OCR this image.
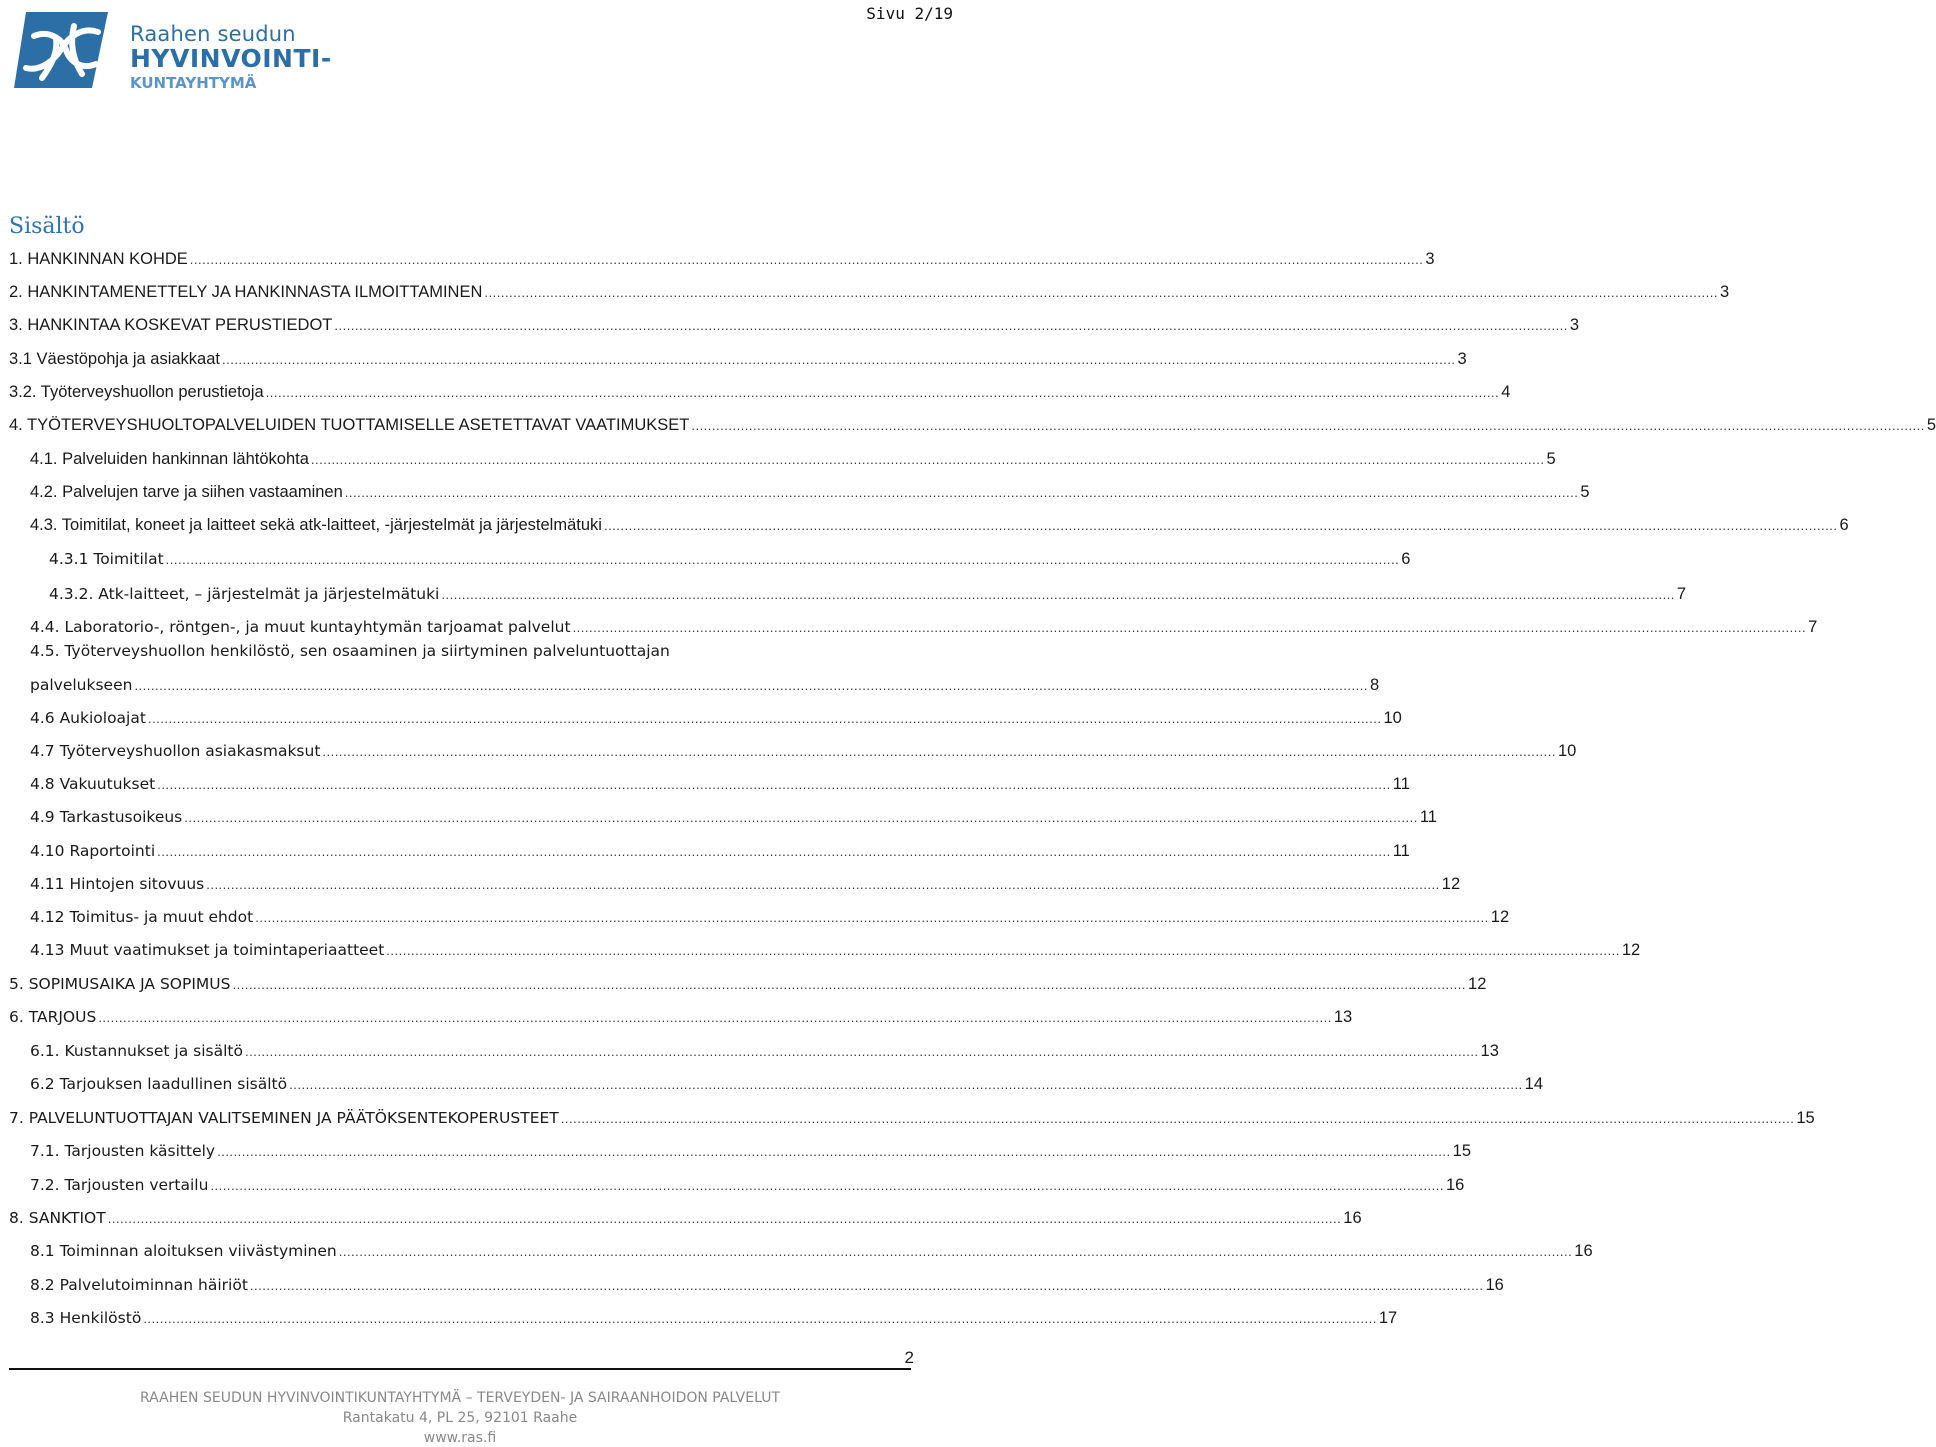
Raahen seudun
HYVINVOINTI-
KUNTAYHTYMÄ
Sivu 2/19
Sisältö
1. HANKINNAN KOHDE ............................................................................................................................................................................................................................................................................................................ 3
2. HANKINTAMENETTELY JA HANKINNASTA ILMOITTAMINEN ............................................................................................................................................................................................................................................................................................................ 3
3. HANKINTAA KOSKEVAT PERUSTIEDOT ............................................................................................................................................................................................................................................................................................................ 3
3.1 Väestöpohja ja asiakkaat ............................................................................................................................................................................................................................................................................................................ 3
3.2. Työterveyshuollon perustietoja ............................................................................................................................................................................................................................................................................................................ 4
4. TYÖTERVEYSHUOLTOPALVELUIDEN TUOTTAMISELLE ASETETTAVAT VAATIMUKSET ............................................................................................................................................................................................................................................................................................................ 5
4.1. Palveluiden hankinnan lähtökohta ............................................................................................................................................................................................................................................................................................................ 5
4.2. Palvelujen tarve ja siihen vastaaminen ............................................................................................................................................................................................................................................................................................................ 5
4.3. Toimitilat, koneet ja laitteet sekä atk-laitteet, -järjestelmät ja järjestelmätuki ............................................................................................................................................................................................................................................................................................................ 6
4.3.1 Toimitilat ............................................................................................................................................................................................................................................................................................................ 6
4.3.2. Atk-laitteet, – järjestelmät ja järjestelmätuki ............................................................................................................................................................................................................................................................................................................ 7
4.4. Laboratorio-, röntgen-, ja muut kuntayhtymän tarjoamat palvelut ............................................................................................................................................................................................................................................................................................................ 7
palvelukseen ............................................................................................................................................................................................................................................................................................................ 8
4.5. Työterveyshuollon henkilöstö, sen osaaminen ja siirtyminen palveluntuottajan
4.6 Aukioloajat ............................................................................................................................................................................................................................................................................................................ 10
4.7 Työterveyshuollon asiakasmaksut ............................................................................................................................................................................................................................................................................................................ 10
4.8 Vakuutukset ............................................................................................................................................................................................................................................................................................................ 11
4.9 Tarkastusoikeus ............................................................................................................................................................................................................................................................................................................ 11
4.10 Raportointi ............................................................................................................................................................................................................................................................................................................ 11
4.11 Hintojen sitovuus ............................................................................................................................................................................................................................................................................................................ 12
4.12 Toimitus- ja muut ehdot ............................................................................................................................................................................................................................................................................................................ 12
4.13 Muut vaatimukset ja toimintaperiaatteet ............................................................................................................................................................................................................................................................................................................ 12
5. SOPIMUSAIKA JA SOPIMUS ............................................................................................................................................................................................................................................................................................................ 12
6. TARJOUS ............................................................................................................................................................................................................................................................................................................ 13
6.1. Kustannukset ja sisältö ............................................................................................................................................................................................................................................................................................................ 13
6.2 Tarjouksen laadullinen sisältö ............................................................................................................................................................................................................................................................................................................ 14
7. PALVELUNTUOTTAJAN VALITSEMINEN JA PÄÄTÖKSENTEKOPERUSTEET ............................................................................................................................................................................................................................................................................................................ 15
7.1. Tarjousten käsittely ............................................................................................................................................................................................................................................................................................................ 15
7.2. Tarjousten vertailu ............................................................................................................................................................................................................................................................................................................ 16
8. SANKTIOT ............................................................................................................................................................................................................................................................................................................ 16
8.1 Toiminnan aloituksen viivästyminen ............................................................................................................................................................................................................................................................................................................ 16
8.2 Palvelutoiminnan häiriöt ............................................................................................................................................................................................................................................................................................................ 16
8.3 Henkilöstö ............................................................................................................................................................................................................................................................................................................ 17
2
RAAHEN SEUDUN HYVINVOINTIKUNTAYHTYMÄ – TERVEYDEN- JA SAIRAANHOIDON PALVELUT
Rantakatu 4, PL 25, 92101 Raahe
www.ras.fi
